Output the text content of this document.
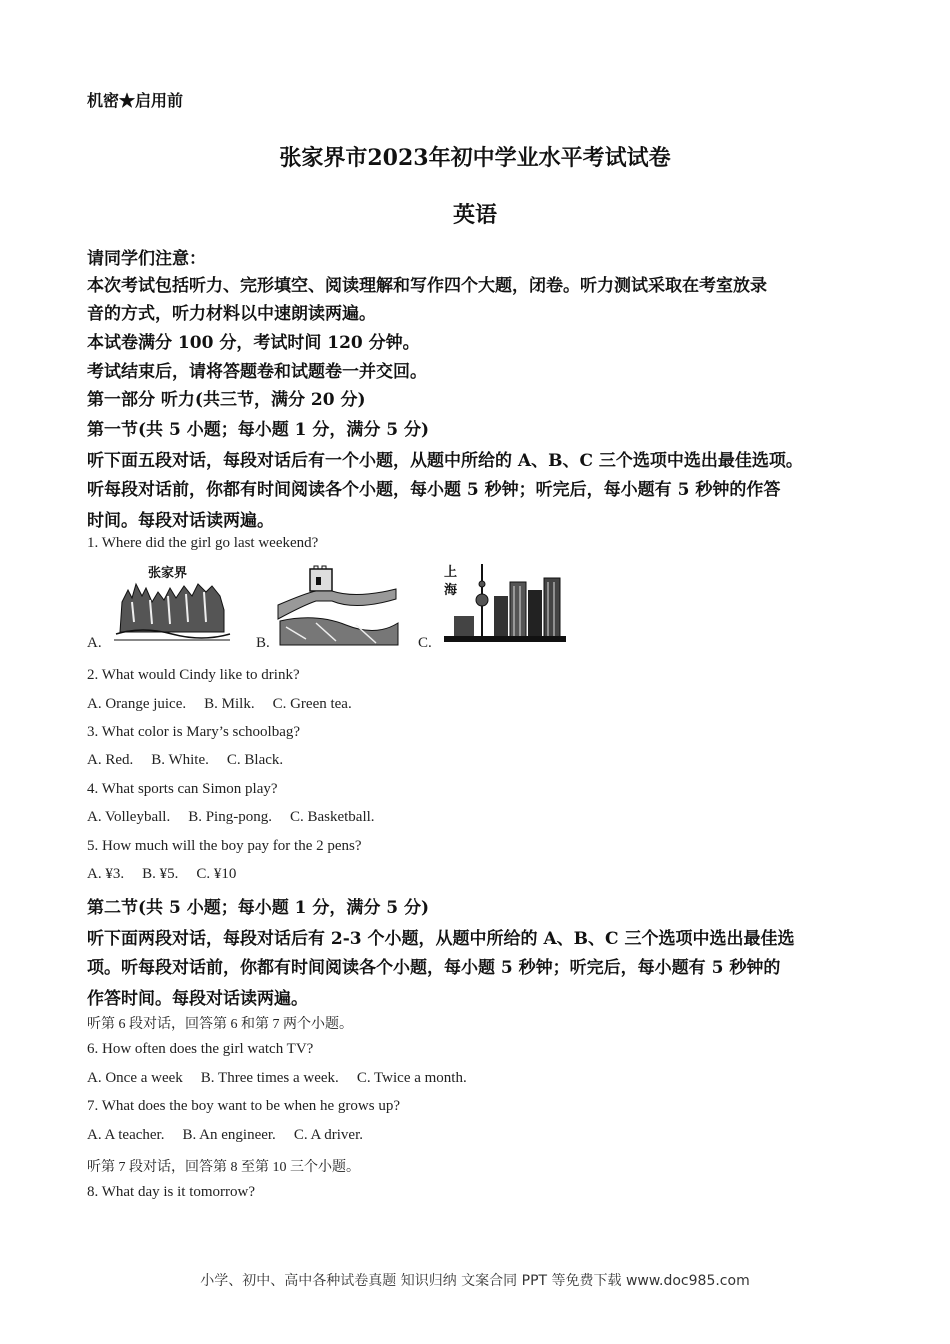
机密★启用前
张家界市2023年初中学业水平考试试卷
英语
请同学们注意：
本次考试包括听力、完形填空、阅读理解和写作四个大题，闭卷。听力测试采取在考室放录
音的方式，听力材料以中速朗读两遍。
本试卷满分 100 分，考试时间 120 分钟。
考试结束后，请将答题卷和试题卷一并交回。
第一部分 听力(共三节，满分 20 分)
第一节(共 5 小题；每小题 1 分，满分 5 分)
听下面五段对话，每段对话后有一个小题，从题中所给的 A、B、C 三个选项中选出最佳选项。
听每段对话前，你都有时间阅读各个小题，每小题 5 秒钟；听完后，每小题有 5 秒钟的作答
时间。每段对话读两遍。
1. Where did the girl go last weekend?
A.
张家界
B.	C.
上
海
2. What would Cindy like to drink?
A. Orange juice. B. Milk. C. Green tea.
3. What color is Mary’s schoolbag?
A. Red. B. White. C. Black.
4. What sports can Simon play?
A. Volleyball. B. Ping-pong. C. Basketball.
5. How much will the boy pay for the 2 pens?
A. ¥3. B. ¥5. C. ¥10
第二节(共 5 小题；每小题 1 分，满分 5 分)
听下面两段对话，每段对话后有 2-3 个小题，从题中所给的 A、B、C 三个选项中选出最佳选
项。听每段对话前，你都有时间阅读各个小题，每小题 5 秒钟；听完后，每小题有 5 秒钟的
作答时间。每段对话读两遍。
听第 6 段对话，回答第 6 和第 7 两个小题。
6. How often does the girl watch TV?
A. Once a week B. Three times a week. C. Twice a month.
7. What does the boy want to be when he grows up?
A. A teacher. B. An engineer. C. A driver.
听第 7 段对话，回答第 8 至第 10 三个小题。
8. What day is it tomorrow?
小学、初中、高中各种试卷真题 知识归纳 文案合同 PPT 等免费下载 www.doc985.com
